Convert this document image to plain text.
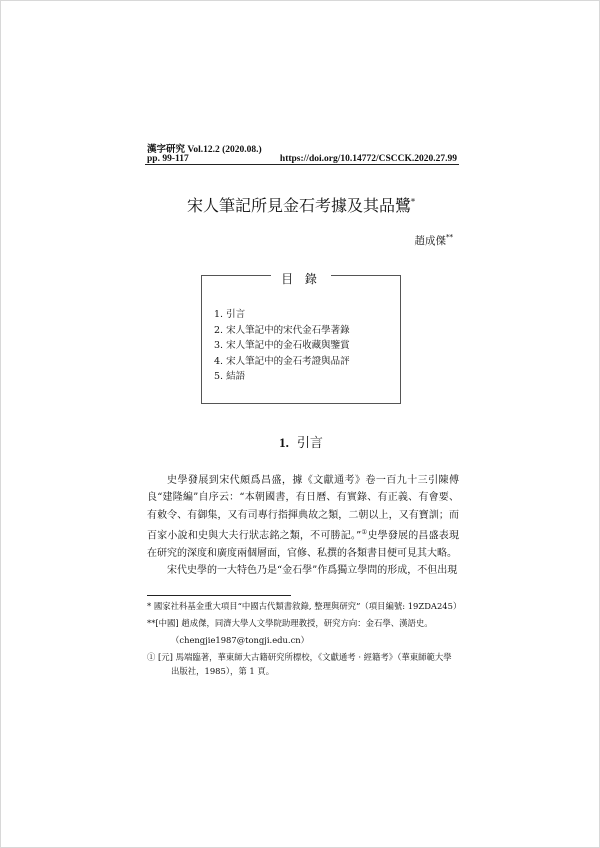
漢字研究 Vol.12.2 (2020.08.)
pp. 99-117	https://doi.org/10.14772/CSCCK.2020.27.99
宋人筆記所見金石考據及其品鷺*
趙成傑**
目 錄
1. 引言
2. 宋人筆記中的宋代金石學著錄
3. 宋人筆記中的金石收藏與鑒賞
4. 宋人筆記中的金石考證與品評
5. 結語
1. 引言

史學發展到宋代頗爲昌盛，據《文獻通考》卷一百九十三引陳傅良“建隆編”自序云：“本朝國書，有日曆、有實錄、有正義、有會要、有敕令、有御集，又有司專行指揮典故之類，二朝以上，又有寶訓；而百家小說和史與大夫行狀志銘之類，不可勝記。”①史學發展的昌盛表現在研究的深度和廣度兩個層面，官修、私撰的各類書目便可見其大略。

宋代史學的一大特色乃是“金石學”作爲獨立學問的形成，不但出現

* 國家社科基金重大項目“中國古代類書敘錄, 整理與研究”（項目編號: 19ZDA245）
**[中國] 趙成傑，同濟大學人文學院助理教授，研究方向：金石學、漢語史。
（chengjie1987@tongji.edu.cn）
① [元] 馬端臨著，華東師大古籍研究所標校，《文獻通考 · 經籍考》（華東師範大學
出版社，1985），第 1 頁。
